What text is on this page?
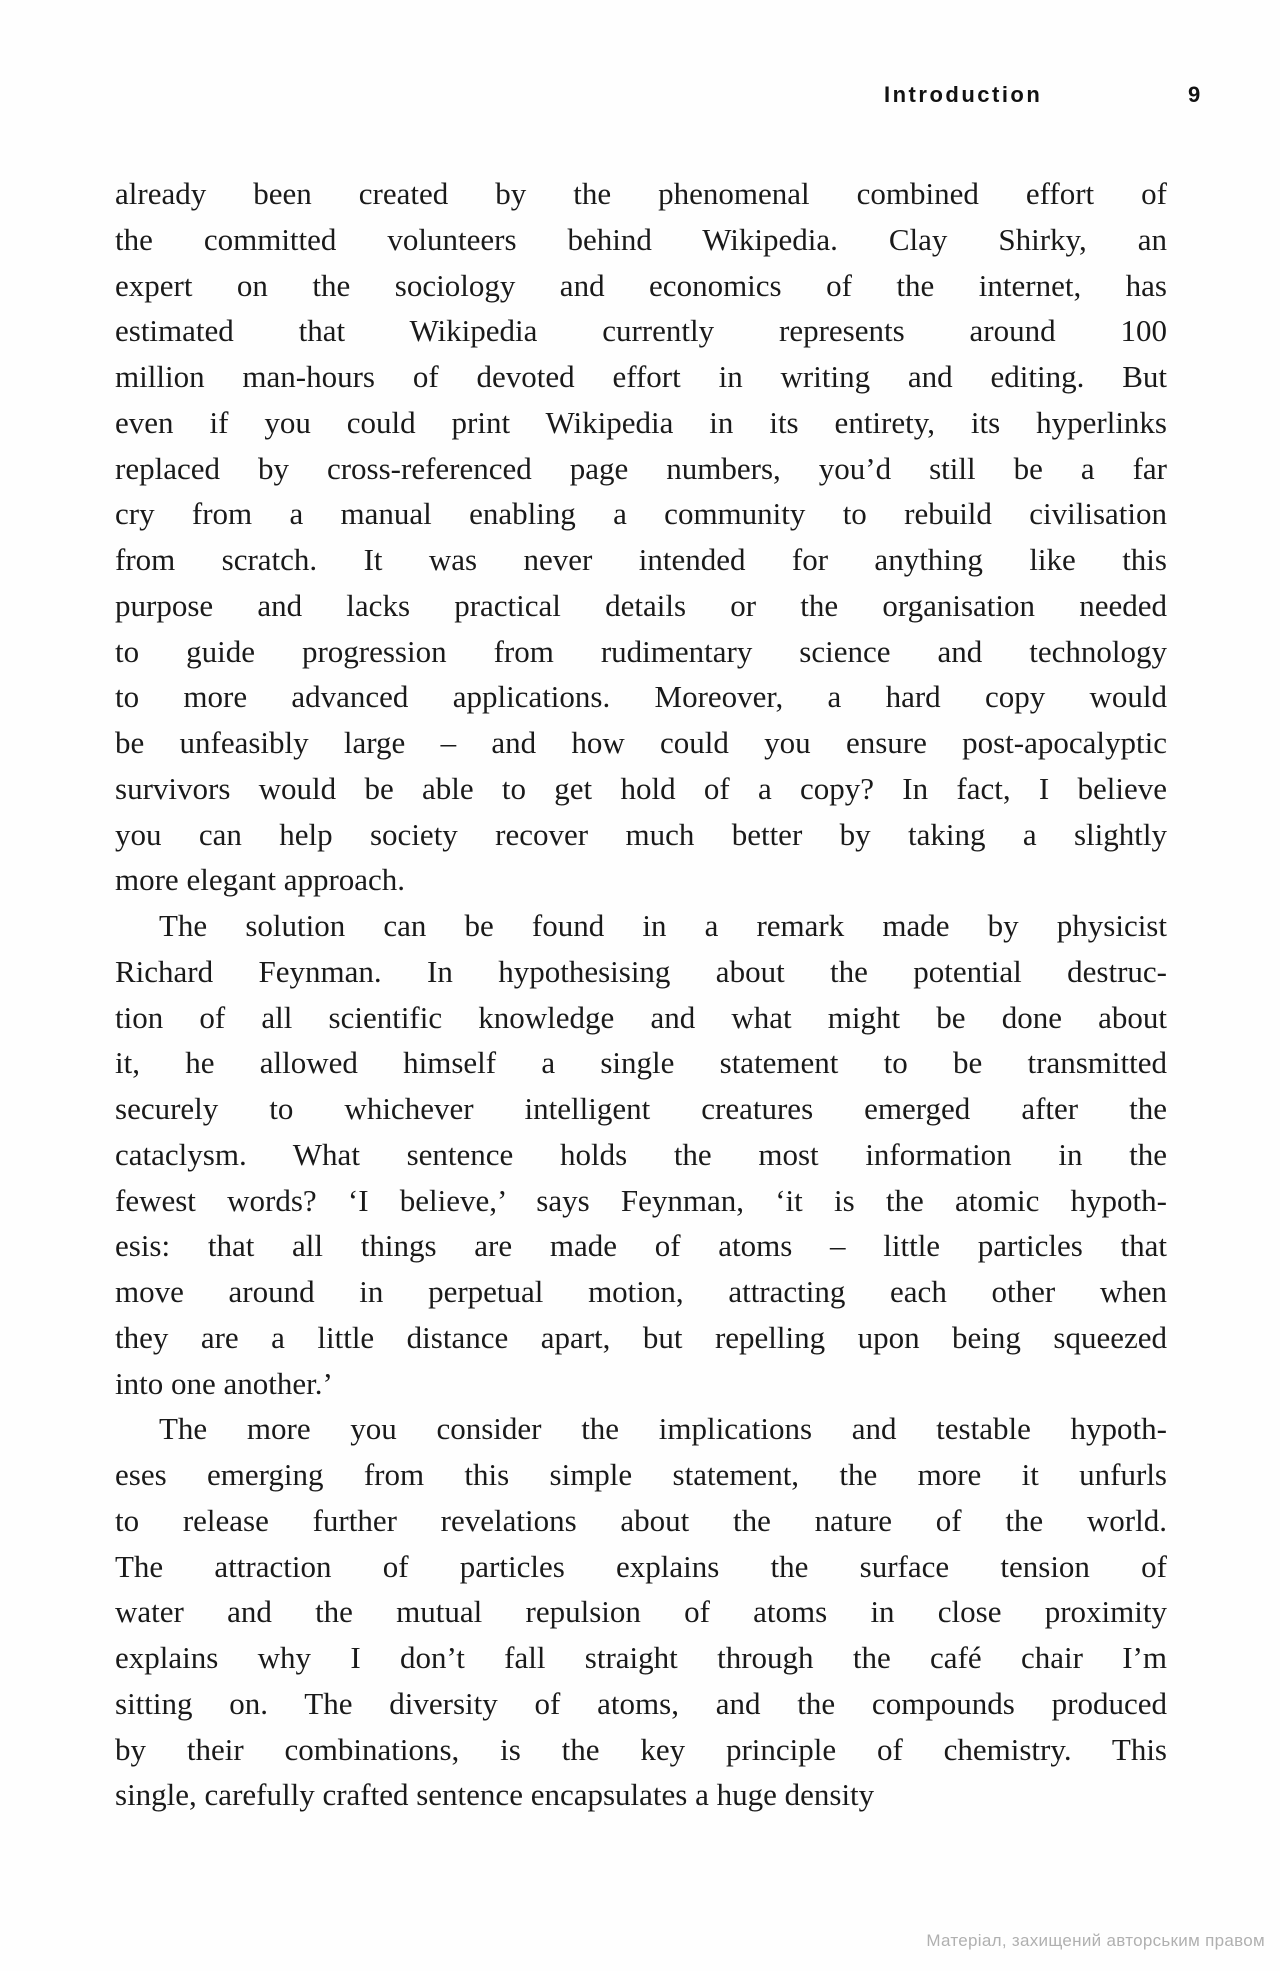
Introduction	9
already been created by the phenomenal combined effort of
the committed volunteers behind Wikipedia. Clay Shirky, an
expert on the sociology and economics of the internet, has
estimated that Wikipedia currently represents around 100
million man-hours of devoted effort in writing and editing. But
even if you could print Wikipedia in its entirety, its hyperlinks
replaced by cross-referenced page numbers, you’d still be a far
cry from a manual enabling a community to rebuild civilisation
from scratch. It was never intended for anything like this
purpose and lacks practical details or the organisation needed
to guide progression from rudimentary science and technology
to more advanced applications. Moreover, a hard copy would
be unfeasibly large – and how could you ensure post-apocalyptic
survivors would be able to get hold of a copy? In fact, I believe
you can help society recover much better by taking a slightly
more elegant approach.
The solution can be found in a remark made by physicist
Richard Feynman. In hypothesising about the potential destruc-
tion of all scientific knowledge and what might be done about
it, he allowed himself a single statement to be transmitted
securely to whichever intelligent creatures emerged after the
cataclysm. What sentence holds the most information in the
fewest words? ‘I believe,’ says Feynman, ‘it is the atomic hypoth-
esis: that all things are made of atoms – little particles that
move around in perpetual motion, attracting each other when
they are a little distance apart, but repelling upon being squeezed
into one another.’
The more you consider the implications and testable hypoth-
eses emerging from this simple statement, the more it unfurls
to release further revelations about the nature of the world.
The attraction of particles explains the surface tension of
water and the mutual repulsion of atoms in close proximity
explains why I don’t fall straight through the café chair I’m
sitting on. The diversity of atoms, and the compounds produced
by their combinations, is the key principle of chemistry. This
single, carefully crafted sentence encapsulates a huge density
Матеріал, захищений авторським правом
